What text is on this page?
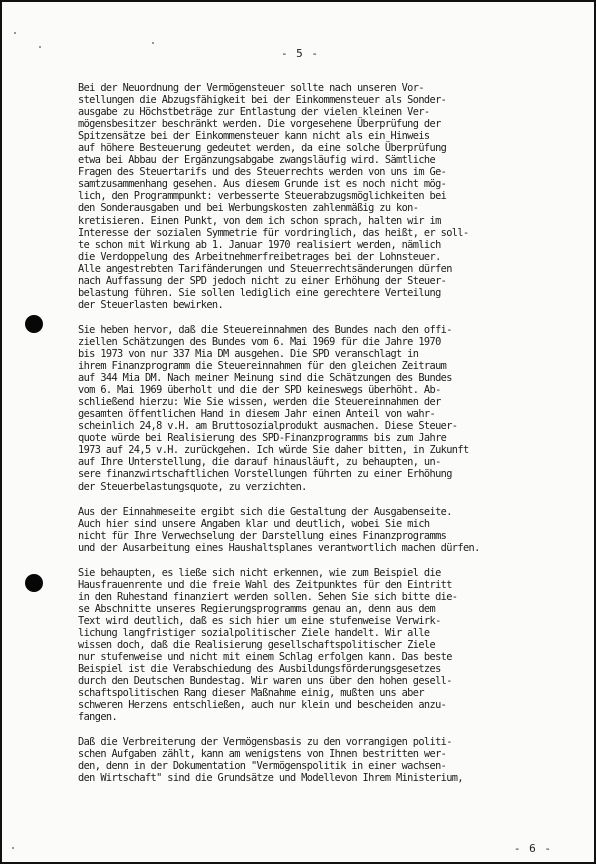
- 5 -
Bei der Neuordnung der Vermögensteuer sollte nach unseren Vor-
stellungen die Abzugsfähigkeit bei der Einkommensteuer als Sonder-
ausgabe zu Höchstbeträge zur Entlastung der vielen kleinen Ver-
mögensbesitzer beschränkt werden. Die vorgesehene Überprüfung der
Spitzensätze bei der Einkommensteuer kann nicht als ein Hinweis
auf höhere Besteuerung gedeutet werden, da eine solche Überprüfung
etwa bei Abbau der Ergänzungsabgabe zwangsläufig wird. Sämtliche
Fragen des Steuertarifs und des Steuerrechts werden von uns im Ge-
samtzusammenhang gesehen. Aus diesem Grunde ist es noch nicht mög-
lich, den Programmpunkt: verbesserte Steuerabzugsmöglichkeiten bei
den Sonderausgaben und bei Werbungskosten zahlenmäßig zu kon-
kretisieren. Einen Punkt, von dem ich schon sprach, halten wir im
Interesse der sozialen Symmetrie für vordringlich, das heißt, er soll-
te schon mit Wirkung ab 1. Januar 1970 realisiert werden, nämlich
die Verdoppelung des Arbeitnehmerfreibetrages bei der Lohnsteuer.
Alle angestrebten Tarifänderungen und Steuerrechtsänderungen dürfen
nach Auffassung der SPD jedoch nicht zu einer Erhöhung der Steuer-
belastung führen. Sie sollen lediglich eine gerechtere Verteilung
der Steuerlasten bewirken.
Sie heben hervor, daß die Steuereinnahmen des Bundes nach den offi-
ziellen Schätzungen des Bundes vom 6. Mai 1969 für die Jahre 1970
bis 1973 von nur 337 Mia DM ausgehen. Die SPD veranschlagt in
ihrem Finanzprogramm die Steuereinnahmen für den gleichen Zeitraum
auf 344 Mia DM. Nach meiner Meinung sind die Schätzungen des Bundes
vom 6. Mai 1969 überholt und die der SPD keineswegs überhöht. Ab-
schließend hierzu: Wie Sie wissen, werden die Steuereinnahmen der
gesamten öffentlichen Hand in diesem Jahr einen Anteil von wahr-
scheinlich 24,8 v.H. am Bruttosozialprodukt ausmachen. Diese Steuer-
quote würde bei Realisierung des SPD-Finanzprogramms bis zum Jahre
1973 auf 24,5 v.H. zurückgehen. Ich würde Sie daher bitten, in Zukunft
auf Ihre Unterstellung, die darauf hinausläuft, zu behaupten, un-
sere finanzwirtschaftlichen Vorstellungen führten zu einer Erhöhung
der Steuerbelastungsquote, zu verzichten.
Aus der Einnahmeseite ergibt sich die Gestaltung der Ausgabenseite.
Auch hier sind unsere Angaben klar und deutlich, wobei Sie mich
nicht für Ihre Verwechselung der Darstellung eines Finanzprogramms
und der Ausarbeitung eines Haushaltsplanes verantwortlich machen dürfen.
Sie behaupten, es ließe sich nicht erkennen, wie zum Beispiel die
Hausfrauenrente und die freie Wahl des Zeitpunktes für den Eintritt
in den Ruhestand finanziert werden sollen. Sehen Sie sich bitte die-
se Abschnitte unseres Regierungsprogramms genau an, denn aus dem
Text wird deutlich, daß es sich hier um eine stufenweise Verwirk-
lichung langfristiger sozialpolitischer Ziele handelt. Wir alle
wissen doch, daß die Realisierung gesellschaftspolitischer Ziele
nur stufenweise und nicht mit einem Schlag erfolgen kann. Das beste
Beispiel ist die Verabschiedung des Ausbildungsförderungsgesetzes
durch den Deutschen Bundestag. Wir waren uns über den hohen gesell-
schaftspolitischen Rang dieser Maßnahme einig, mußten uns aber
schweren Herzens entschließen, auch nur klein und bescheiden anzu-
fangen.
Daß die Verbreiterung der Vermögensbasis zu den vorrangigen politi-
schen Aufgaben zählt, kann am wenigstens von Ihnen bestritten wer-
den, denn in der Dokumentation "Vermögenspolitik in einer wachsen-
den Wirtschaft" sind die Grundsätze und Modellevon Ihrem Ministerium,
- 6 -
